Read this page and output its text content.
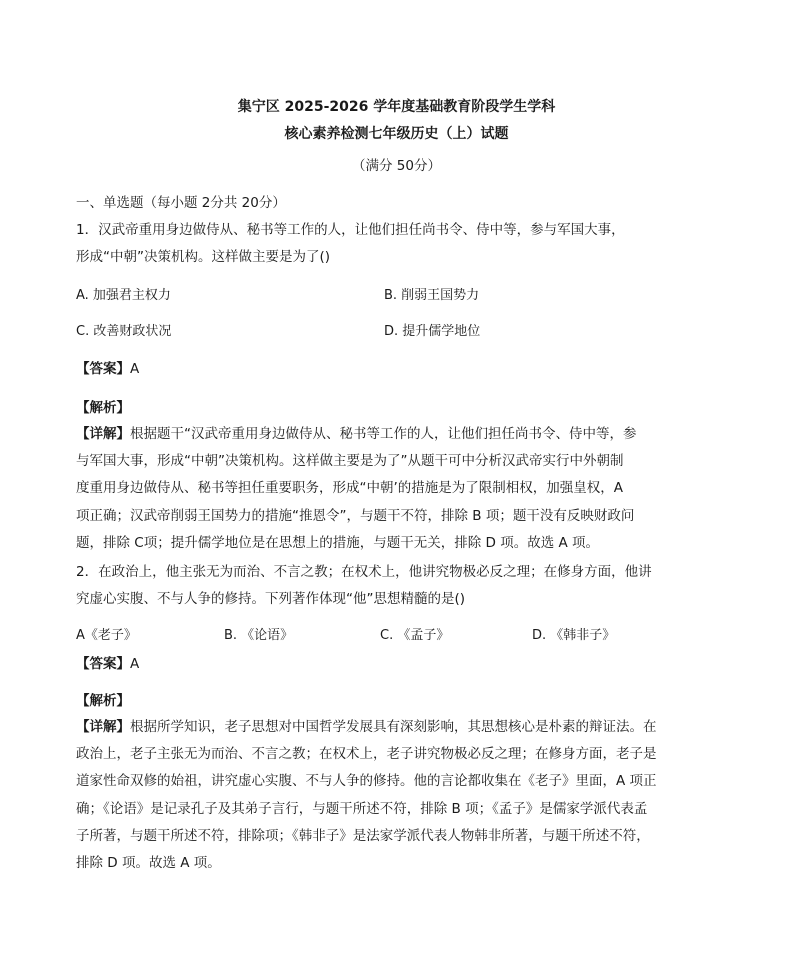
集宁区 2025-2026 学年度基础教育阶段学生学科
核心素养检测七年级历史（上）试题
（满分 50分）
一、单选题（每小题 2分共 20分）
1．汉武帝重用身边做侍从、秘书等工作的人，让他们担任尚书令、侍中等，参与军国大事，
形成“中朝”决策机构。这样做主要是为了()
A. 加强君主权力	B. 削弱王国势力
C. 改善财政状况	D. 提升儒学地位
【答案】A
【解析】
【详解】根据题干“汉武帝重用身边做侍从、秘书等工作的人，让他们担任尚书令、侍中等，参
与军国大事，形成“中朝”决策机构。这样做主要是为了”从题干可中分析汉武帝实行中外朝制
度重用身边做侍从、秘书等担任重要职务，形成“中朝’的措施是为了限制相权，加强皇权，A
项正确；汉武帝削弱王国势力的措施“推恩令”，与题干不符，排除 B 项；题干没有反映财政问
题，排除 C项；提升儒学地位是在思想上的措施，与题干无关，排除 D 项。故选 A 项。
2．在政治上，他主张无为而治、不言之教；在权术上，他讲究物极必反之理；在修身方面，他讲
究虚心实腹、不与人争的修持。下列著作体现“他”思想精髓的是()
A《老子》	B. 《论语》	C. 《孟子》	D. 《韩非子》
【答案】A
【解析】
【详解】根据所学知识，老子思想对中国哲学发展具有深刻影响，其思想核心是朴素的辩证法。在
政治上，老子主张无为而治、不言之教；在权术上，老子讲究物极必反之理；在修身方面，老子是
道家性命双修的始祖，讲究虚心实腹、不与人争的修持。他的言论都收集在《老子》里面，A 项正
确；《论语》是记录孔子及其弟子言行，与题干所述不符，排除 B 项；《孟子》是儒家学派代表孟
子所著，与题干所述不符，排除项；《韩非子》是法家学派代表人物韩非所著，与题干所述不符，
排除 D 项。故选 A 项。
